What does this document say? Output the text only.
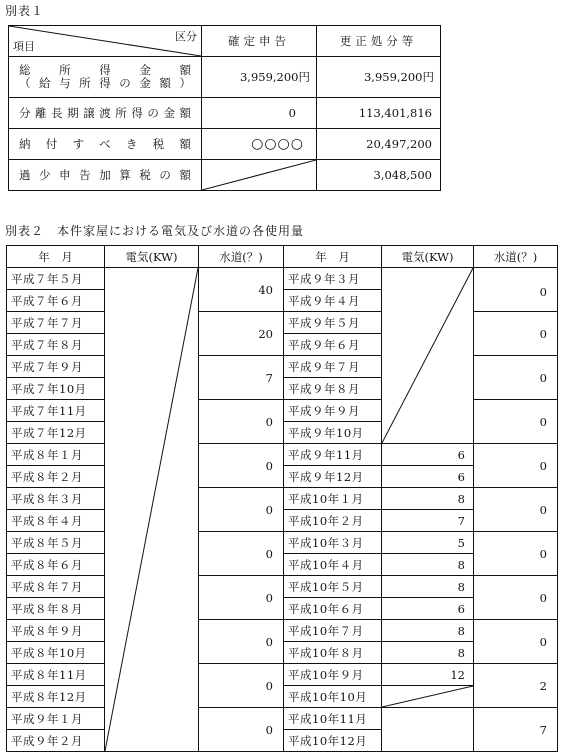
別表１
区分
項目	確定申告	更正処分等

総所得金額
（給与所得の金額）	3,959,200円	3,959,200円
分離長期譲渡所得の金額	0	113,401,816
納付すべき税額	○○○○	20,497,200
過少申告加算税の額		3,048,500
別表２　本件家屋における電気及び水道の各使用量
年　月	電気(KW)	水道(？)	年　月	電気(KW)	水道(？)
平成７年５月		40	平成９年３月		0
平成７年６月			平成９年４月		
平成７年７月		20	平成９年５月		0
平成７年８月			平成９年６月		
平成７年９月		7	平成９年７月		0
平成７年10月			平成９年８月		
平成７年11月		0	平成９年９月		0
平成７年12月			平成９年10月		
平成８年１月		0	平成９年11月	6	0
平成８年２月			平成９年12月	6	
平成８年３月		0	平成10年１月	8	0
平成８年４月			平成10年２月	7	
平成８年５月		0	平成10年３月	5	0
平成８年６月			平成10年４月	8	
平成８年７月		0	平成10年５月	8	0
平成８年８月			平成10年６月	6	
平成８年９月		0	平成10年７月	8	0
平成８年10月			平成10年８月	8	
平成８年11月		0	平成10年９月	12	2
平成８年12月			平成10年10月	

平成９年１月		0	平成10年11月		7
平成９年２月			平成10年12月		
